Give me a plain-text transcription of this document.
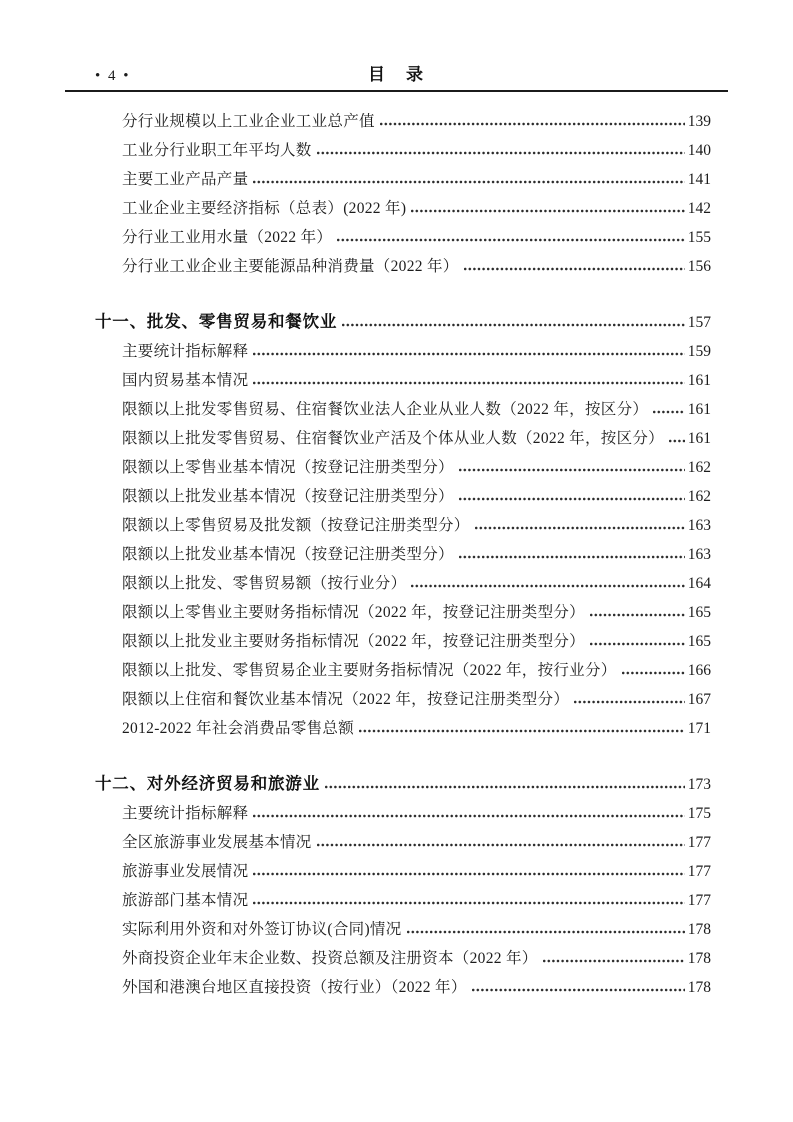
• 4 •	目　录
分行业规模以上工业企业工业总产值	139
工业分行业职工年平均人数	140
主要工业产品产量	141
工业企业主要经济指标（总表）(2022 年)	142
分行业工业用水量（2022 年）	155
分行业工业企业主要能源品种消费量（2022 年）	156
十一、批发、零售贸易和餐饮业	157
主要统计指标解释	159
国内贸易基本情况	161
限额以上批发零售贸易、住宿餐饮业法人企业从业人数（2022 年，按区分）	161
限额以上批发零售贸易、住宿餐饮业产活及个体从业人数（2022 年，按区分） 161
限额以上零售业基本情况（按登记注册类型分）	162
限额以上批发业基本情况（按登记注册类型分）	162
限额以上零售贸易及批发额（按登记注册类型分）	163
限额以上批发业基本情况（按登记注册类型分）	163
限额以上批发、零售贸易额（按行业分）	164
限额以上零售业主要财务指标情况（2022 年，按登记注册类型分）	165
限额以上批发业主要财务指标情况（2022 年，按登记注册类型分）	165
限额以上批发、零售贸易企业主要财务指标情况（2022 年，按行业分）	166
限额以上住宿和餐饮业基本情况（2022 年，按登记注册类型分）	167
2012-2022 年社会消费品零售总额	171
十二、对外经济贸易和旅游业	173
主要统计指标解释	175
全区旅游事业发展基本情况	177
旅游事业发展情况	177
旅游部门基本情况	177
实际利用外资和对外签订协议(合同)情况	178
外商投资企业年末企业数、投资总额及注册资本（2022 年）	178
外国和港澳台地区直接投资（按行业）（2022 年）	178
